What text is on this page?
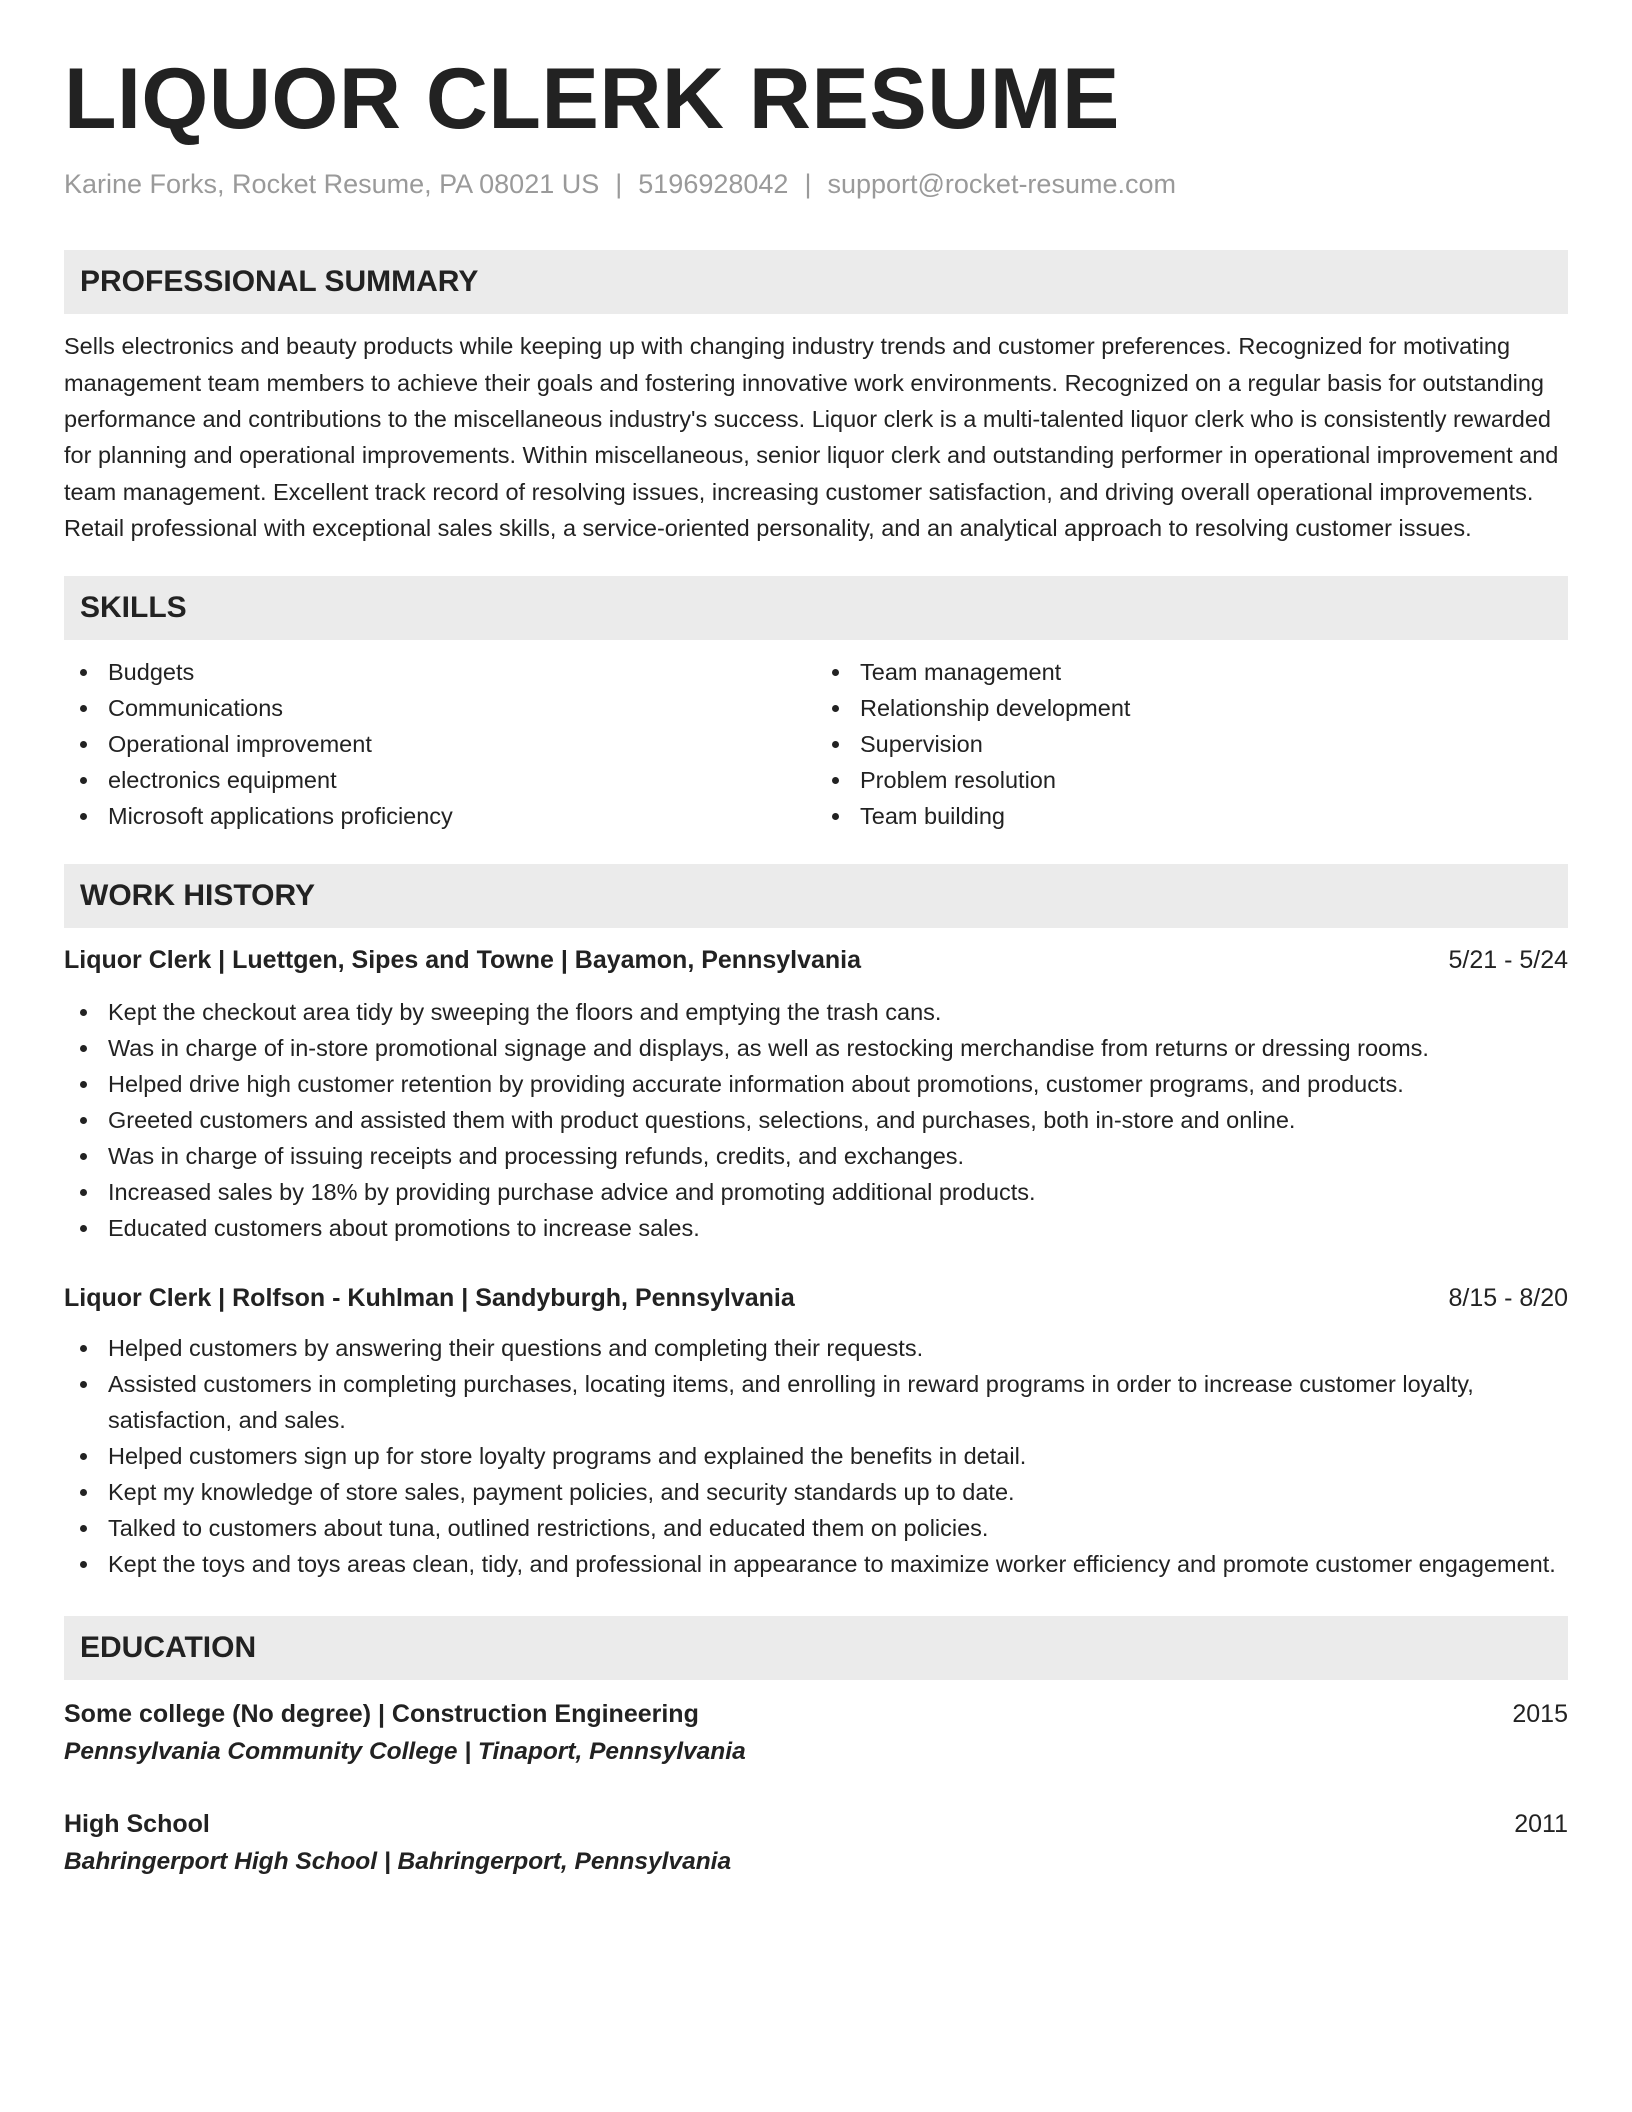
LIQUOR CLERK RESUME
Karine Forks, Rocket Resume, PA 08021 US | 5196928042 | support@rocket-resume.com
PROFESSIONAL SUMMARY

Sells electronics and beauty products while keeping up with changing industry trends and customer preferences. Recognized for motivating management team members to achieve their goals and fostering innovative work environments. Recognized on a regular basis for outstanding performance and contributions to the miscellaneous industry's success. Liquor clerk is a multi-talented liquor clerk who is consistently rewarded for planning and operational improvements. Within miscellaneous, senior liquor clerk and outstanding performer in operational improvement and team management. Excellent track record of resolving issues, increasing customer satisfaction, and driving overall operational improvements. Retail professional with exceptional sales skills, a service-oriented personality, and an analytical approach to resolving customer issues.

SKILLS
Budgets
Communications
Operational improvement
electronics equipment
Microsoft applications proficiency
Team management
Relationship development
Supervision
Problem resolution
Team building
WORK HISTORY
Liquor Clerk | Luettgen, Sipes and Towne | Bayamon, Pennsylvania	5/21 - 5/24
Kept the checkout area tidy by sweeping the floors and emptying the trash cans.
Was in charge of in-store promotional signage and displays, as well as restocking merchandise from returns or dressing rooms.
Helped drive high customer retention by providing accurate information about promotions, customer programs, and products.
Greeted customers and assisted them with product questions, selections, and purchases, both in-store and online.
Was in charge of issuing receipts and processing refunds, credits, and exchanges.
Increased sales by 18% by providing purchase advice and promoting additional products.
Educated customers about promotions to increase sales.
Liquor Clerk | Rolfson - Kuhlman | Sandyburgh, Pennsylvania	8/15 - 8/20
Helped customers by answering their questions and completing their requests.
Assisted customers in completing purchases, locating items, and enrolling in reward programs in order to increase customer loyalty, satisfaction, and sales.
Helped customers sign up for store loyalty programs and explained the benefits in detail.
Kept my knowledge of store sales, payment policies, and security standards up to date.
Talked to customers about tuna, outlined restrictions, and educated them on policies.
Kept the toys and toys areas clean, tidy, and professional in appearance to maximize worker efficiency and promote customer engagement.
EDUCATION
Some college (No degree) | Construction Engineering	2015
Pennsylvania Community College | Tinaport, Pennsylvania
High School	2011
Bahringerport High School | Bahringerport, Pennsylvania
